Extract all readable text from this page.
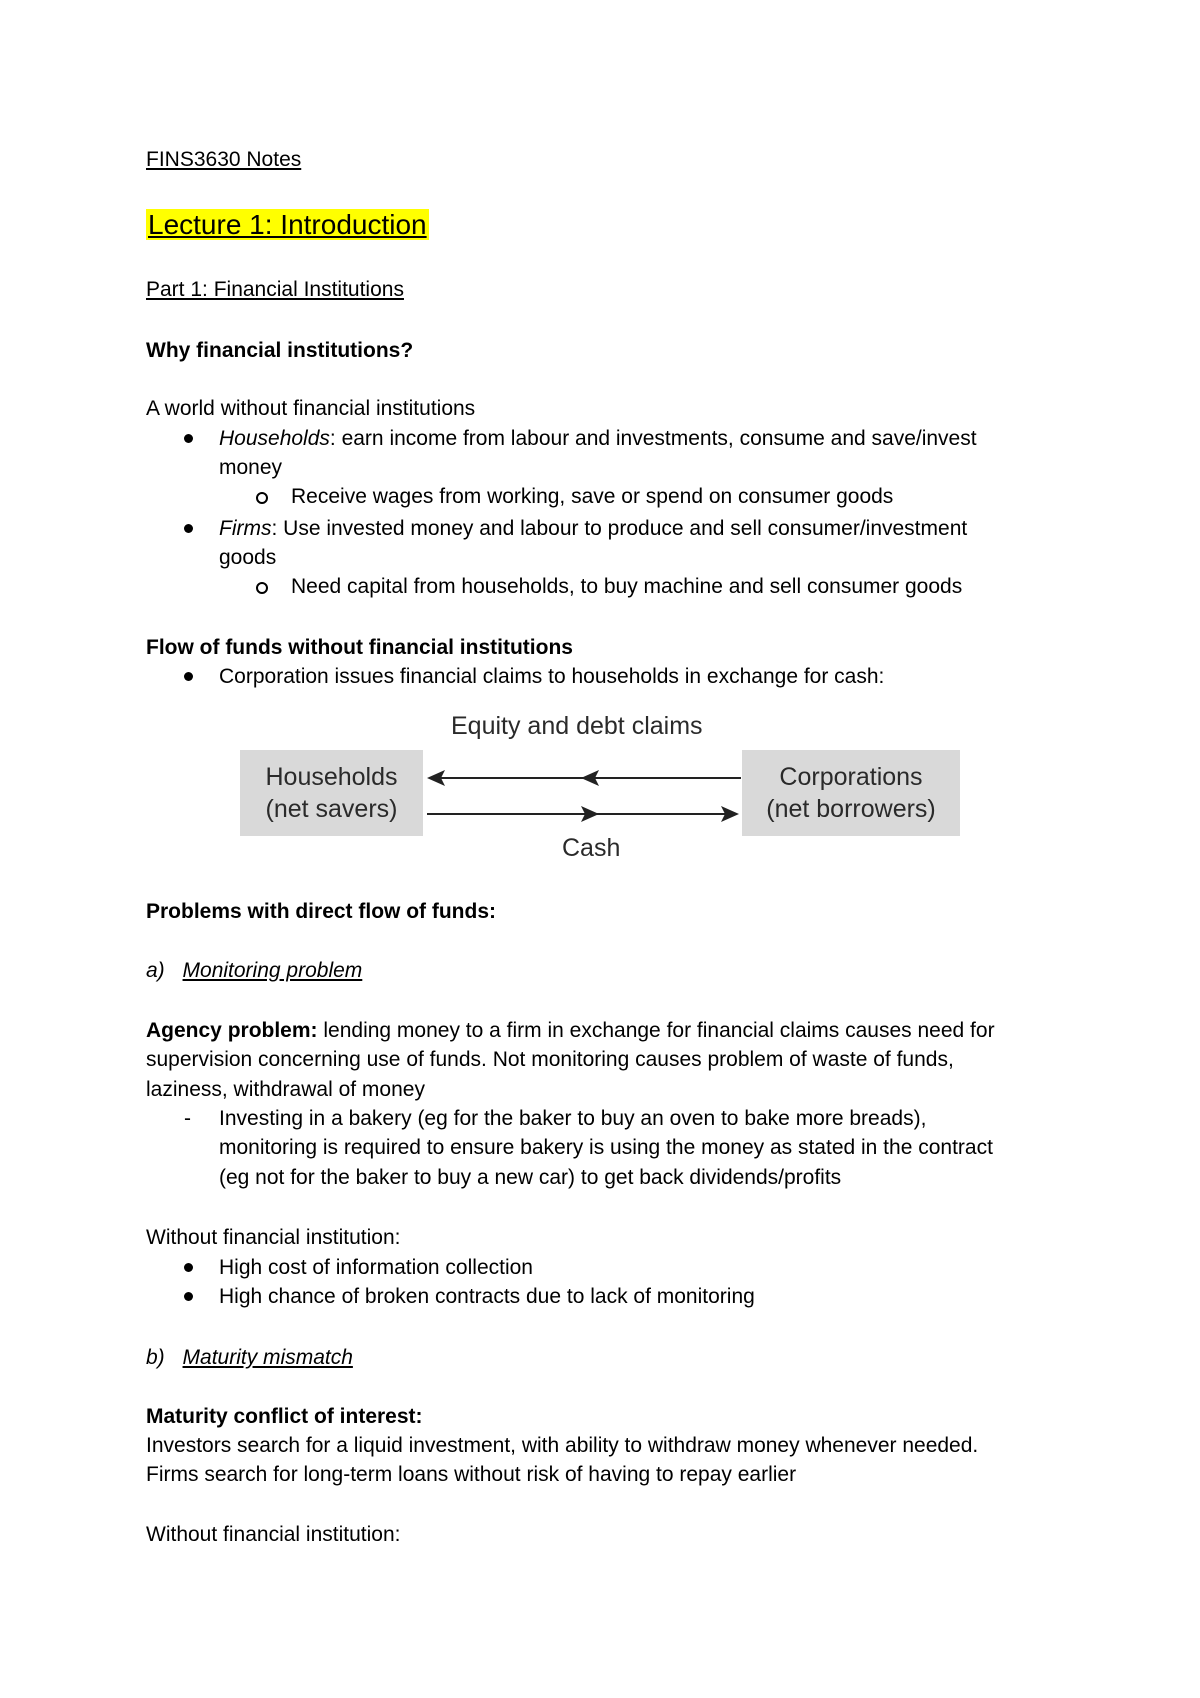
FINS3630 Notes
Lecture 1: Introduction
Part 1: Financial Institutions
Why financial institutions?
A world without financial institutions
Households: earn income from labour and investments, consume and save/invest
money
Receive wages from working, save or spend on consumer goods
Firms: Use invested money and labour to produce and sell consumer/investment
goods
Need capital from households, to buy machine and sell consumer goods
Flow of funds without financial institutions
Corporation issues financial claims to households in exchange for cash:
Problems with direct flow of funds:
a) Monitoring problem
Agency problem: lending money to a firm in exchange for financial claims causes need for
supervision concerning use of funds. Not monitoring causes problem of waste of funds,
laziness, withdrawal of money
- Investing in a bakery (eg for the baker to buy an oven to bake more breads),
monitoring is required to ensure bakery is using the money as stated in the contract
(eg not for the baker to buy a new car) to get back dividends/profits
Without financial institution:
High cost of information collection
High chance of broken contracts due to lack of monitoring
b) Maturity mismatch
Maturity conflict of interest:
Investors search for a liquid investment, with ability to withdraw money whenever needed.
Firms search for long-term loans without risk of having to repay earlier
Without financial institution:
Equity and debt claims
Households
(net savers)
Corporations
(net borrowers)
Cash
